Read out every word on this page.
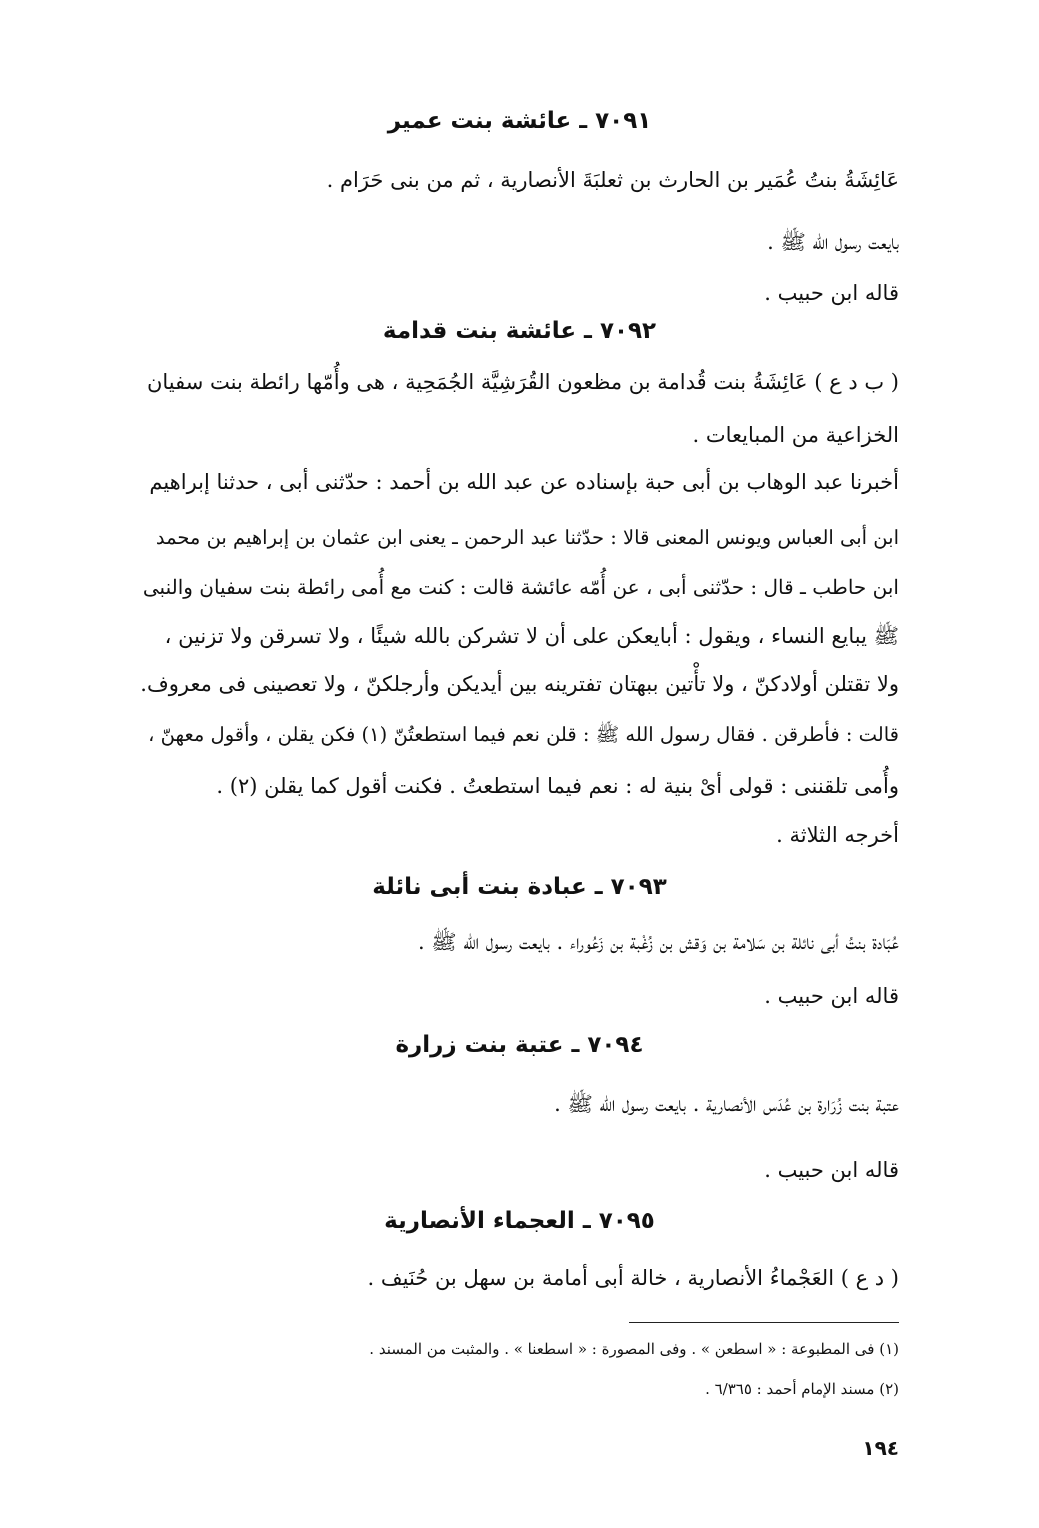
٧٠٩١ ـ عائشة بنت عمير
عَائِشَةُ بنتُ عُمَير بن الحارث بن ثعلبَةَ الأنصارية ، ثم من بنى حَرَام .
بايعت رسول الله ﷺ .
قاله ابن حبيب .
٧٠٩٢ ـ عائشة بنت قدامة
( ب د ع ) عَائِشَةُ بنت قُدامة بن مظعون القُرَشِيَّة الجُمَحِية ، هى وأُمّها رائطة بنت سفيان
الخزاعية من المبايعات .
أخبرنا عبد الوهاب بن أبى حبة بإسناده عن عبد الله بن أحمد : حدّثنى أبى ، حدثنا إبراهيم
ابن أبى العباس ويونس المعنى قالا : حدّثنا عبد الرحمن ـ يعنى ابن عثمان بن إبراهيم بن محمد
ابن حاطب ـ قال : حدّثنى أبى ، عن أُمّه عائشة قالت : كنت مع أُمى رائطة بنت سفيان والنبى
ﷺ يبايع النساء ، ويقول : أبايعكن على أن لا تشركن بالله شيئًا ، ولا تسرقن ولا تزنين ،
ولا تقتلن أولادكنّ ، ولا تأْتين ببهتان تفترينه بين أيديكن وأرجلكنّ ، ولا تعصينى فى معروف.
قالت : فأطرقن . فقال رسول الله ﷺ : قلن نعم فيما استطعتُنّ (١) فكن يقلن ، وأقول معهنّ ،
وأُمى تلقننى : قولى أىْ بنية له : نعم فيما استطعتُ . فكنت أقول كما يقلن (٢) .
أخرجه الثلاثة .
٧٠٩٣ ـ عبادة بنت أبى نائلة
عُبَادة بنتُ أبى نائلة بن سَلامة بن وَقش بن زُغْبة بن زَعُوراء . بايعت رسول الله ﷺ .
قاله ابن حبيب .
٧٠٩٤ ـ عتبة بنت زرارة
عتبة بنت زُرَارة بن عُدَس الأنصارية . بايعت رسول الله ﷺ .
قاله ابن حبيب .
٧٠٩٥ ـ العجماء الأنصارية
( د ع ) العَجْماءُ الأنصارية ، خالة أبى أمامة بن سهل بن حُنَيف .
(١) فى المطبوعة : « اسطعن » . وفى المصورة : « اسطعنا » . والمثبت من المسند .
(٢) مسند الإمام أحمد : ٦/٣٦٥ .
١٩٤
